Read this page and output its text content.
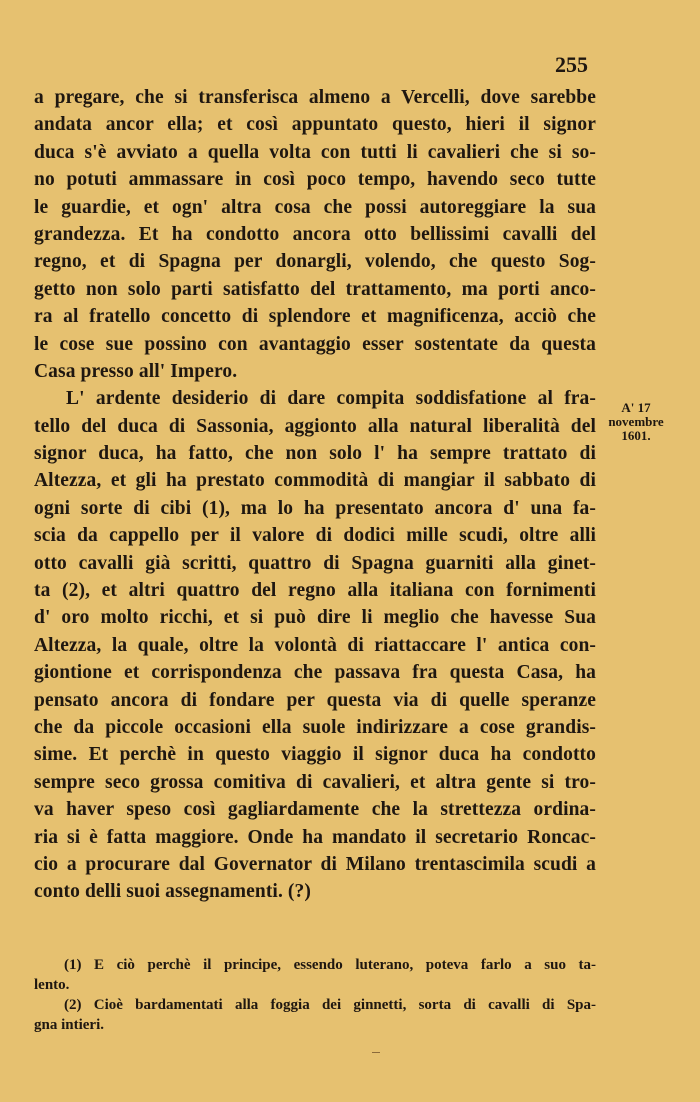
255
a pregare, che si transferisca almeno a Vercelli, dove sarebbe
andata ancor ella; et così appuntato questo, hieri il signor
duca s'è avviato a quella volta con tutti li cavalieri che si so-
no potuti ammassare in così poco tempo, havendo seco tutte
le guardie, et ogn' altra cosa che possi autoreggiare la sua
grandezza. Et ha condotto ancora otto bellissimi cavalli del
regno, et di Spagna per donargli, volendo, che questo Sog-
getto non solo parti satisfatto del trattamento, ma porti anco-
ra al fratello concetto di splendore et magnificenza, acciò che
le cose sue possino con avantaggio esser sostentate da questa
Casa presso all' Impero.
L' ardente desiderio di dare compita soddisfatione al fra-
tello del duca di Sassonia, aggionto alla natural liberalità del
signor duca, ha fatto, che non solo l' ha sempre trattato di
Altezza, et gli ha prestato commodità di mangiar il sabbato di
ogni sorte di cibi (1), ma lo ha presentato ancora d' una fa-
scia da cappello per il valore di dodici mille scudi, oltre alli
otto cavalli già scritti, quattro di Spagna guarniti alla ginet-
ta (2), et altri quattro del regno alla italiana con fornimenti
d' oro molto ricchi, et si può dire li meglio che havesse Sua
Altezza, la quale, oltre la volontà di riattaccare l' antica con-
giontione et corrispondenza che passava fra questa Casa, ha
pensato ancora di fondare per questa via di quelle speranze
che da piccole occasioni ella suole indirizzare a cose grandis-
sime. Et perchè in questo viaggio il signor duca ha condotto
sempre seco grossa comitiva di cavalieri, et altra gente si tro-
va haver speso così gagliardamente che la strettezza ordina-
ria si è fatta maggiore. Onde ha mandato il secretario Roncac-
cio a procurare dal Governator di Milano trentascimila scudi a
conto delli suoi assegnamenti. (?)
A' 17
novembre
1601.
(1) E ciò perchè il principe, essendo luterano, poteva farlo a suo ta-
lento.
(2) Cioè bardamentati alla foggia dei ginnetti, sorta di cavalli di Spa-
gna intieri.
